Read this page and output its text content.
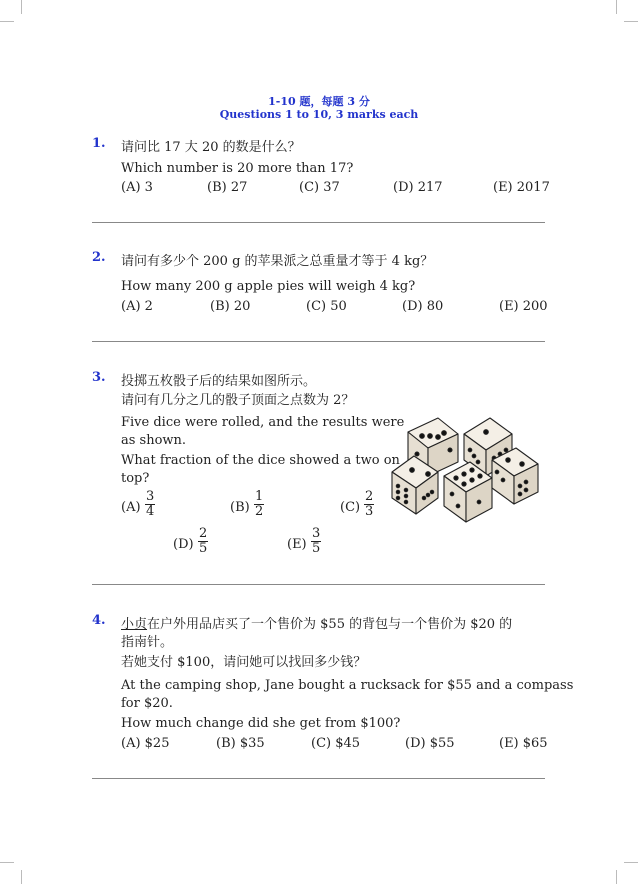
1-10 题，每题 3 分
Questions 1 to 10, 3 marks each
1. 请问比 17 大 20 的数是什么？
Which number is 20 more than 17?
(A) 3	(B) 27	(C) 37	(D) 217	(E) 2017
2. 请问有多少个 200 g 的苹果派之总重量才等于 4 kg？
How many 200 g apple pies will weigh 4 kg?
(A) 2	(B) 20	(C) 50	(D) 80	(E) 200
3. 投掷五枚骰子后的结果如图所示。
请问有几分之几的骰子顶面之点数为 2？
Five dice were rolled, and the results were
as shown.
What fraction of the dice showed a two on
top?
$(A) \frac{3}{4}$	$(B) \frac{1}{2}$	$(C) \frac{2}{3}$
$(D) \frac{2}{5}$	$(E) \frac{3}{5}$
4. 小贞在户外用品店买了一个售价为 $55 的背包与一个售价为 $20 的
指南针。
若她支付 $100，请问她可以找回多少钱？
At the camping shop, Jane bought a rucksack for $55 and a compass
for $20.
How much change did she get from $100?
(A) $25	(B) $35	(C) $45	(D) $55	(E) $65
